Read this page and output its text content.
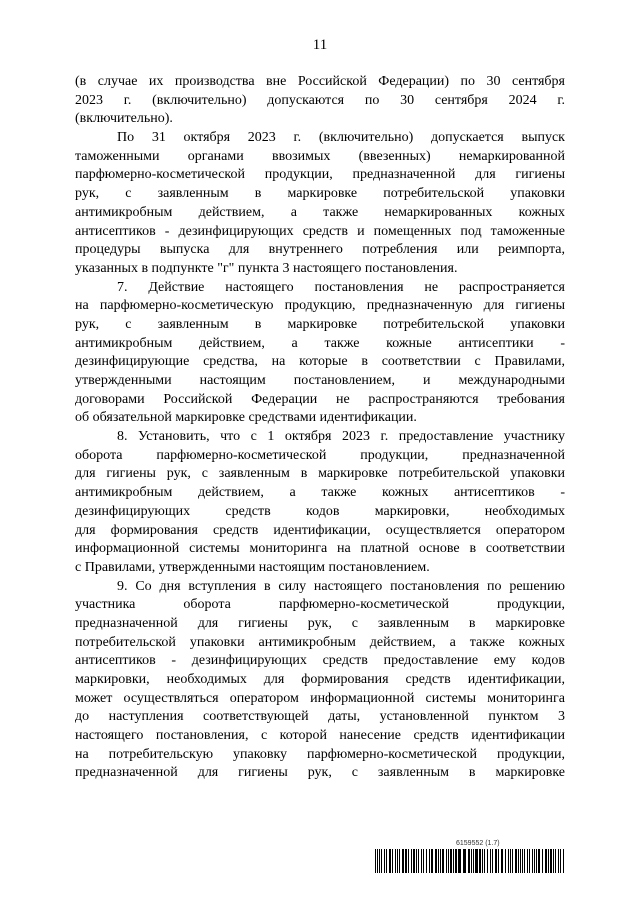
11
(в случае их производства вне Российской Федерации) по 30 сентября
2023 г. (включительно) допускаются по 30 сентября 2024 г.
(включительно).
По 31 октября 2023 г. (включительно) допускается выпуск
таможенными органами ввозимых (ввезенных) немаркированной
парфюмерно-косметической продукции, предназначенной для гигиены
рук, с заявленным в маркировке потребительской упаковки
антимикробным действием, а также немаркированных кожных
антисептиков - дезинфицирующих средств и помещенных под таможенные
процедуры выпуска для внутреннего потребления или реимпорта,
указанных в подпункте "г" пункта 3 настоящего постановления.
7. Действие настоящего постановления не распространяется
на парфюмерно-косметическую продукцию, предназначенную для гигиены
рук, с заявленным в маркировке потребительской упаковки
антимикробным действием, а также кожные антисептики -
дезинфицирующие средства, на которые в соответствии с Правилами,
утвержденными настоящим постановлением, и международными
договорами Российской Федерации не распространяются требования
об обязательной маркировке средствами идентификации.
8. Установить, что с 1 октября 2023 г. предоставление участнику
оборота парфюмерно-косметической продукции, предназначенной
для гигиены рук, с заявленным в маркировке потребительской упаковки
антимикробным действием, а также кожных антисептиков -
дезинфицирующих средств кодов маркировки, необходимых
для формирования средств идентификации, осуществляется оператором
информационной системы мониторинга на платной основе в соответствии
с Правилами, утвержденными настоящим постановлением.
9. Со дня вступления в силу настоящего постановления по решению
участника оборота парфюмерно-косметической продукции,
предназначенной для гигиены рук, с заявленным в маркировке
потребительской упаковки антимикробным действием, а также кожных
антисептиков - дезинфицирующих средств предоставление ему кодов
маркировки, необходимых для формирования средств идентификации,
может осуществляться оператором информационной системы мониторинга
до наступления соответствующей даты, установленной пунктом 3
настоящего постановления, с которой нанесение средств идентификации
на потребительскую упаковку парфюмерно-косметической продукции,
предназначенной для гигиены рук, с заявленным в маркировке
6159552 (1.7)
